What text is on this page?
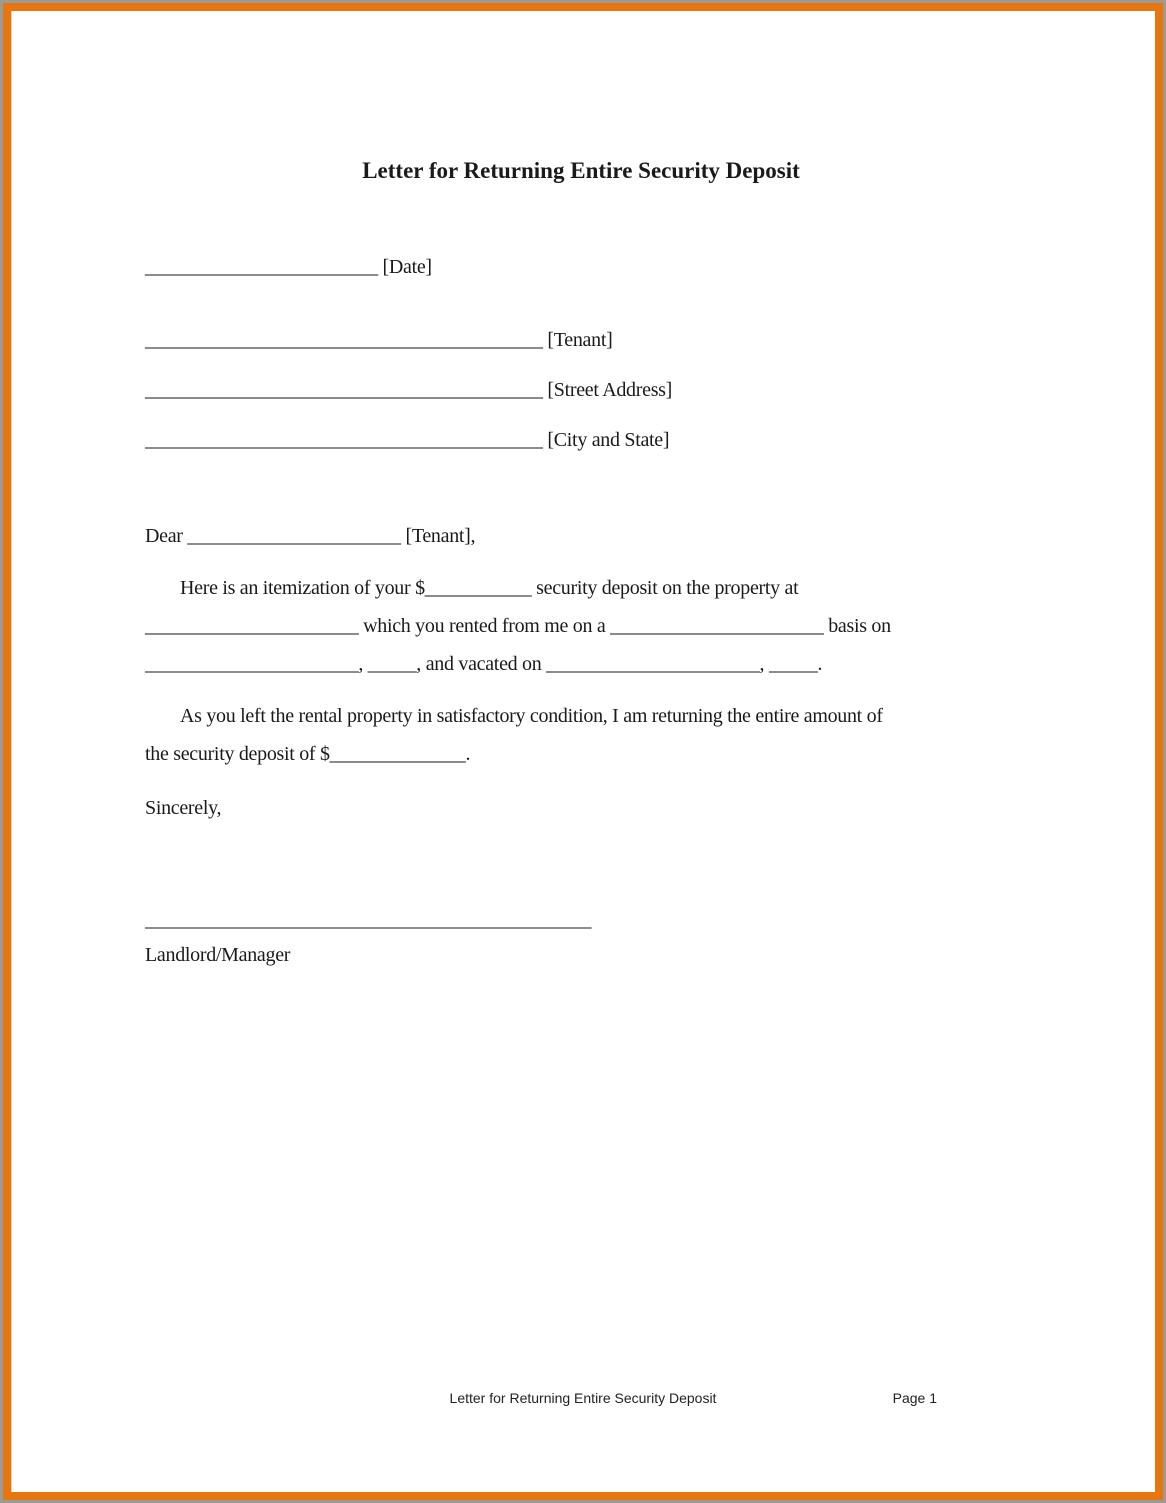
Letter for Returning Entire Security Deposit
________________________ [Date]
_________________________________________ [Tenant]
_________________________________________ [Street Address]
_________________________________________ [City and State]
Dear ______________________ [Tenant],
Here is an itemization of your $___________ security deposit on the property at
______________________ which you rented from me on a ______________________ basis on
______________________, _____, and vacated on ______________________, _____.
As you left the rental property in satisfactory condition, I am returning the entire amount of
the security deposit of $______________.
Sincerely,
______________________________________________
Landlord/Manager
Letter for Returning Entire Security Deposit	Page 1
